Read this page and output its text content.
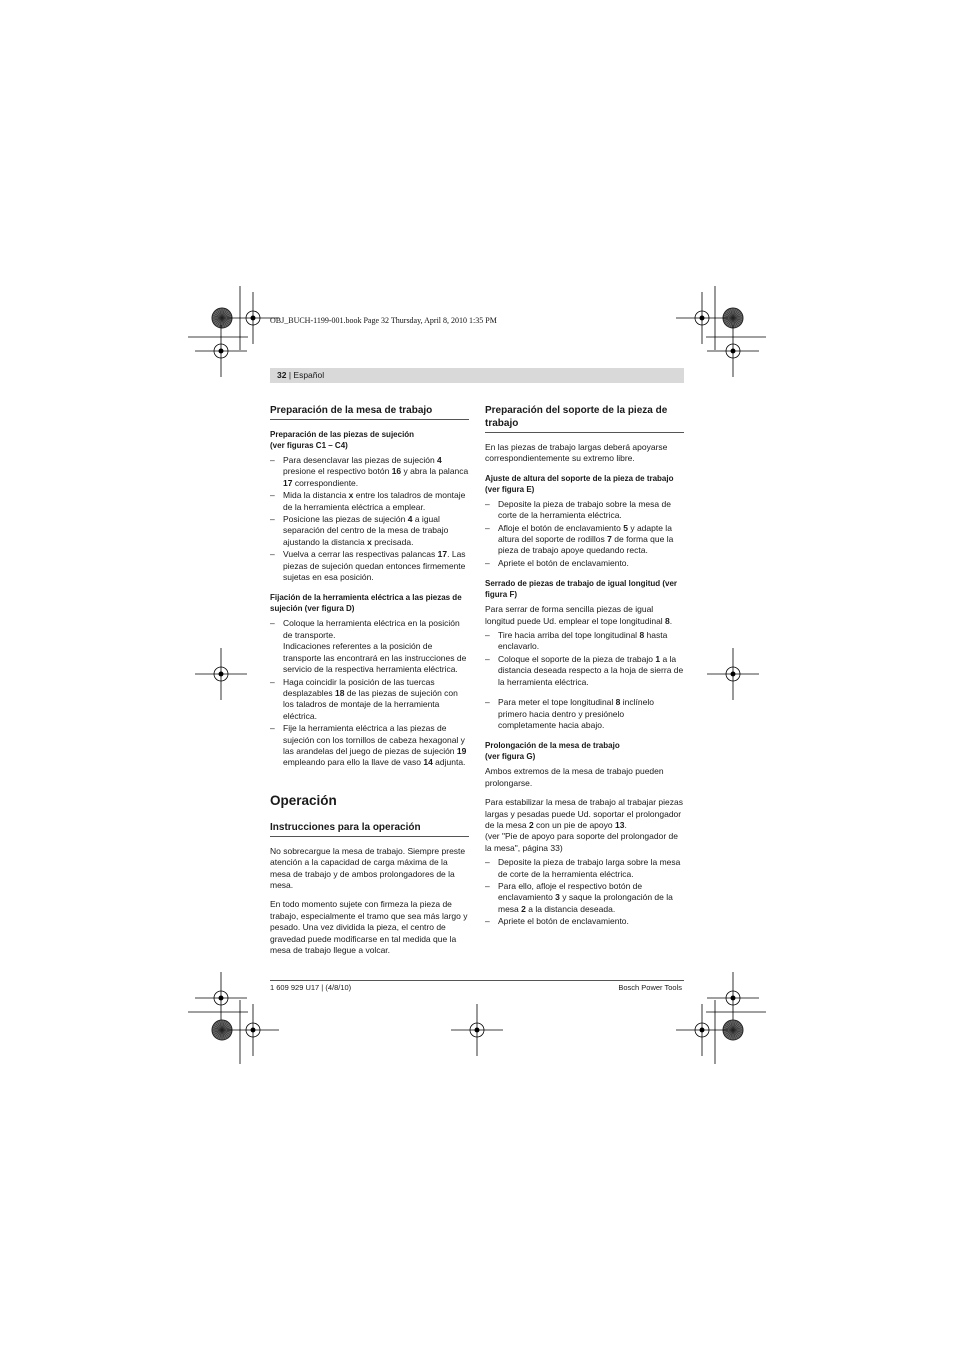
OBJ_BUCH-1199-001.book Page 32 Thursday, April 8, 2010 1:35 PM
32 | Español
Preparación de la mesa de trabajo
Preparación de las piezas de sujeción
(ver figuras C1 – C4)
– Para desenclavar las piezas de sujeción 4 presione el respectivo botón 16 y abra la palanca 17 correspondiente.
– Mida la distancia x entre los taladros de montaje de la herramienta eléctrica a emplear.
– Posicione las piezas de sujeción 4 a igual separación del centro de la mesa de trabajo ajustando la distancia x precisada.
– Vuelva a cerrar las respectivas palancas 17. Las piezas de sujeción quedan entonces firmemente sujetas en esa posición.
Fijación de la herramienta eléctrica a las piezas de sujeción (ver figura D)
– Coloque la herramienta eléctrica en la posición de transporte.
Indicaciones referentes a la posición de transporte las encontrará en las instrucciones de servicio de la respectiva herramienta eléctrica.
– Haga coincidir la posición de las tuercas desplazables 18 de las piezas de sujeción con los taladros de montaje de la herramienta eléctrica.
– Fije la herramienta eléctrica a las piezas de sujeción con los tornillos de cabeza hexagonal y las arandelas del juego de piezas de sujeción 19 empleando para ello la llave de vaso 14 adjunta.
Operación
Instrucciones para la operación

No sobrecargue la mesa de trabajo. Siempre preste atención a la capacidad de carga máxima de la mesa de trabajo y de ambos prolongadores de la mesa.

En todo momento sujete con firmeza la pieza de trabajo, especialmente el tramo que sea más largo y pesado. Una vez dividida la pieza, el centro de gravedad puede modificarse en tal medida que la mesa de trabajo llegue a volcar.

Preparación del soporte de la pieza de trabajo

En las piezas de trabajo largas deberá apoyarse correspondientemente su extremo libre.

Ajuste de altura del soporte de la pieza de trabajo (ver figura E)
– Deposite la pieza de trabajo sobre la mesa de corte de la herramienta eléctrica.
– Afloje el botón de enclavamiento 5 y adapte la altura del soporte de rodillos 7 de forma que la pieza de trabajo apoye quedando recta.
– Apriete el botón de enclavamiento.
Serrado de piezas de trabajo de igual longitud (ver figura F)

Para serrar de forma sencilla piezas de igual longitud puede Ud. emplear el tope longitudinal 8.

– Tire hacia arriba del tope longitudinal 8 hasta enclavarlo.
– Coloque el soporte de la pieza de trabajo 1 a la distancia deseada respecto a la hoja de sierra de la herramienta eléctrica.
– Para meter el tope longitudinal 8 inclínelo primero hacia dentro y presiónelo completamente hacia abajo.
Prolongación de la mesa de trabajo
(ver figura G)

Ambos extremos de la mesa de trabajo pueden prolongarse.

Para estabilizar la mesa de trabajo al trabajar piezas largas y pesadas puede Ud. soportar el prolongador de la mesa 2 con un pie de apoyo 13.
(ver "Pie de apoyo para soporte del prolongador de la mesa", página 33)

– Deposite la pieza de trabajo larga sobre la mesa de corte de la herramienta eléctrica.
– Para ello, afloje el respectivo botón de enclavamiento 3 y saque la prolongación de la mesa 2 a la distancia deseada.
– Apriete el botón de enclavamiento.
1 609 929 U17 | (4/8/10)	Bosch Power Tools
